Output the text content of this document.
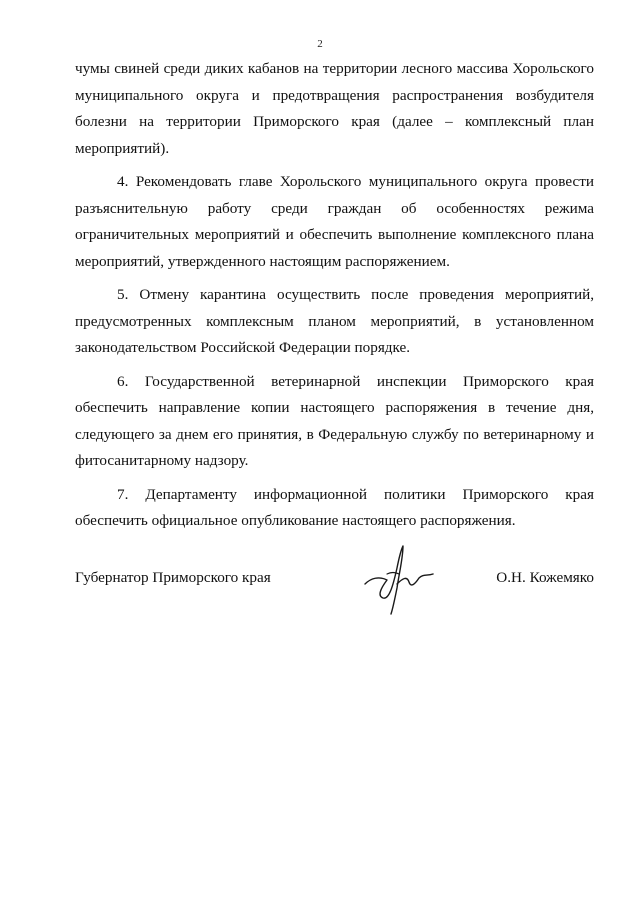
2

чумы свиней среди диких кабанов на территории лесного массива Хорольского муниципального округа и предотвращения распространения возбудителя болезни на территории Приморского края (далее – комплексный план мероприятий).

4. Рекомендовать главе Хорольского муниципального округа провести разъяснительную работу среди граждан об особенностях режима ограничительных мероприятий и обеспечить выполнение комплексного плана мероприятий, утвержденного настоящим распоряжением.

5. Отмену карантина осуществить после проведения мероприятий, предусмотренных комплексным планом мероприятий, в установленном законодательством Российской Федерации порядке.

6. Государственной ветеринарной инспекции Приморского края обеспечить направление копии настоящего распоряжения в течение дня, следующего за днем его принятия, в Федеральную службу по ветеринарному и фитосанитарному надзору.

7. Департаменту информационной политики Приморского края обеспечить официальное опубликование настоящего распоряжения.

Губернатор Приморского края	О.Н. Кожемяко
